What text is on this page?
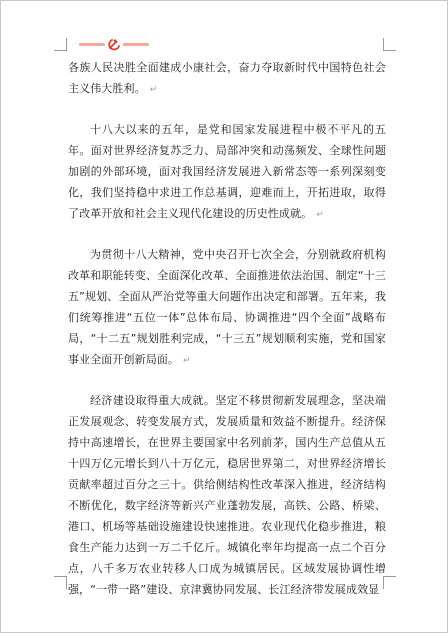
各族人民决胜全面建成小康社会，奋力夺取新时代中国特色社会主义伟大胜利。 ↵

十八大以来的五年，是党和国家发展进程中极不平凡的五年。面对世界经济复苏乏力、局部冲突和动荡频发、全球性问题加剧的外部环境，面对我国经济发展进入新常态等一系列深刻变化，我们坚持稳中求进工作总基调，迎难而上，开拓进取，取得了改革开放和社会主义现代化建设的历史性成就。 ↵

为贯彻十八大精神，党中央召开七次全会，分别就政府机构改革和职能转变、全面深化改革、全面推进依法治国、制定“十三五”规划、全面从严治党等重大问题作出决定和部署。五年来，我们统筹推进“五位一体”总体布局、协调推进“四个全面”战略布局，“十二五”规划胜利完成，“十三五”规划顺利实施，党和国家事业全面开创新局面。 ↵

经济建设取得重大成就。坚定不移贯彻新发展理念，坚决端正发展观念、转变发展方式，发展质量和效益不断提升。经济保持中高速增长，在世界主要国家中名列前茅，国内生产总值从五十四万亿元增长到八十万亿元，稳居世界第二，对世界经济增长贡献率超过百分之三十。供给侧结构性改革深入推进，经济结构不断优化，数字经济等新兴产业蓬勃发展，高铁、公路、桥梁、港口、机场等基础设施建设快速推进。农业现代化稳步推进，粮食生产能力达到一万二千亿斤。城镇化率年均提高一点二个百分点，八千多万农业转移人口成为城镇居民。区域发展协调性增强，“一带一路”建设、京津冀协同发展、长江经济带发展成效显
